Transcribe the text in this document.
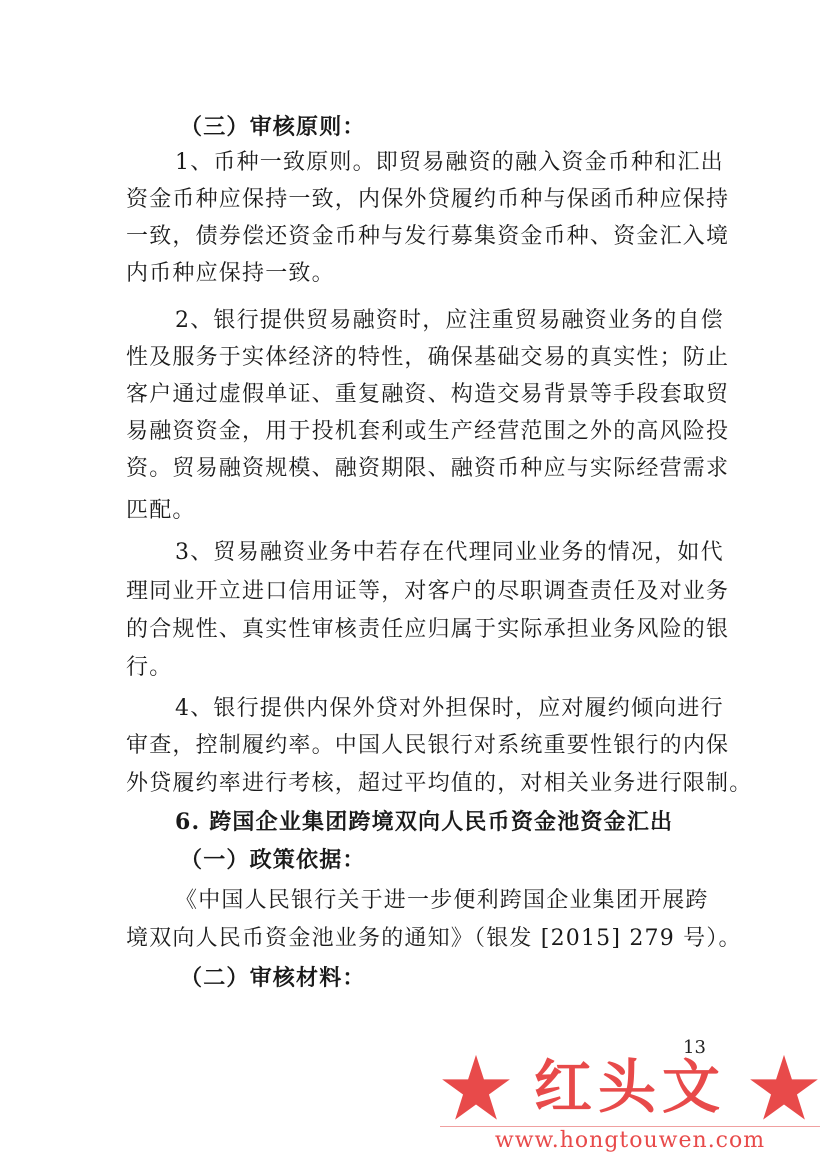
（三）审核原则：
1、币种一致原则。即贸易融资的融入资金币种和汇出
资金币种应保持一致，内保外贷履约币种与保函币种应保持
一致，债券偿还资金币种与发行募集资金币种、资金汇入境
内币种应保持一致。
2、银行提供贸易融资时，应注重贸易融资业务的自偿
性及服务于实体经济的特性，确保基础交易的真实性；防止
客户通过虚假单证、重复融资、构造交易背景等手段套取贸
易融资资金，用于投机套利或生产经营范围之外的高风险投
资。贸易融资规模、融资期限、融资币种应与实际经营需求
匹配。
3、贸易融资业务中若存在代理同业业务的情况，如代
理同业开立进口信用证等，对客户的尽职调查责任及对业务
的合规性、真实性审核责任应归属于实际承担业务风险的银
行。
4、银行提供内保外贷对外担保时，应对履约倾向进行
审查，控制履约率。中国人民银行对系统重要性银行的内保
外贷履约率进行考核，超过平均值的，对相关业务进行限制。
6. 跨国企业集团跨境双向人民币资金池资金汇出
（一）政策依据：
《中国人民银行关于进一步便利跨国企业集团开展跨
境双向人民币资金池业务的通知》（银发 [2015] 279 号）。
（二）审核材料：
13
红头文
www.hongtouwen.com
